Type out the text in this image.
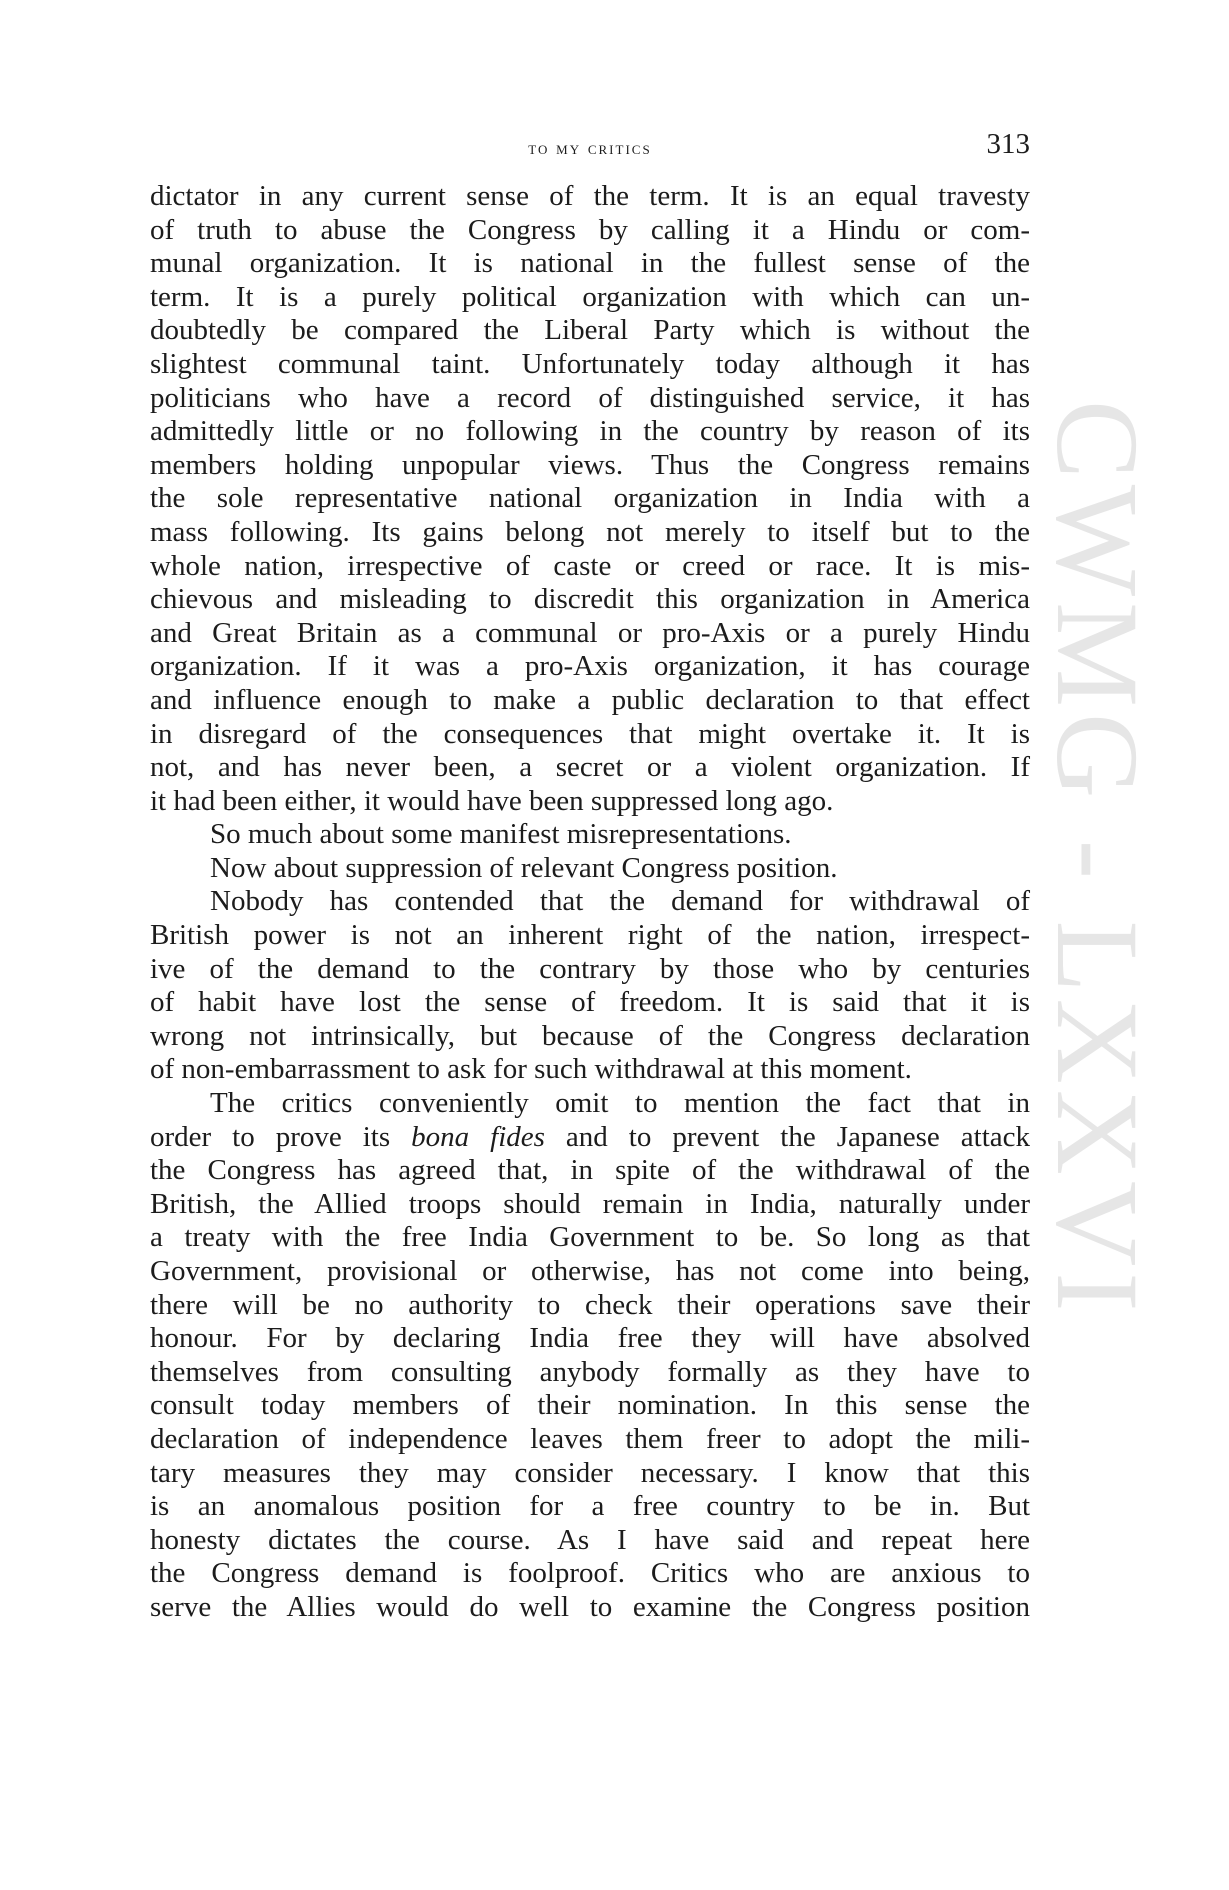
CWMG - LXXVI
to my critics	313
dictator in any current sense of the term. It is an equal travesty
of truth to abuse the Congress by calling it a Hindu or com-
munal organization. It is national in the fullest sense of the
term. It is a purely political organization with which can un-
doubtedly be compared the Liberal Party which is without the
slightest communal taint. Unfortunately today although it has
politicians who have a record of distinguished service, it has
admittedly little or no following in the country by reason of its
members holding unpopular views. Thus the Congress remains
the sole representative national organization in India with a
mass following. Its gains belong not merely to itself but to the
whole nation, irrespective of caste or creed or race. It is mis-
chievous and misleading to discredit this organization in America
and Great Britain as a communal or pro-Axis or a purely Hindu
organization. If it was a pro-Axis organization, it has courage
and influence enough to make a public declaration to that effect
in disregard of the consequences that might overtake it. It is
not, and has never been, a secret or a violent organization. If
it had been either, it would have been suppressed long ago.
So much about some manifest misrepresentations.
Now about suppression of relevant Congress position.
Nobody has contended that the demand for withdrawal of
British power is not an inherent right of the nation, irrespect-
ive of the demand to the contrary by those who by centuries
of habit have lost the sense of freedom. It is said that it is
wrong not intrinsically, but because of the Congress declaration
of non-embarrassment to ask for such withdrawal at this moment.
The critics conveniently omit to mention the fact that in
order to prove its bona fides and to prevent the Japanese attack
the Congress has agreed that, in spite of the withdrawal of the
British, the Allied troops should remain in India, naturally under
a treaty with the free India Government to be. So long as that
Government, provisional or otherwise, has not come into being,
there will be no authority to check their operations save their
honour. For by declaring India free they will have absolved
themselves from consulting anybody formally as they have to
consult today members of their nomination. In this sense the
declaration of independence leaves them freer to adopt the mili-
tary measures they may consider necessary. I know that this
is an anomalous position for a free country to be in. But
honesty dictates the course. As I have said and repeat here
the Congress demand is foolproof. Critics who are anxious to
serve the Allies would do well to examine the Congress position
